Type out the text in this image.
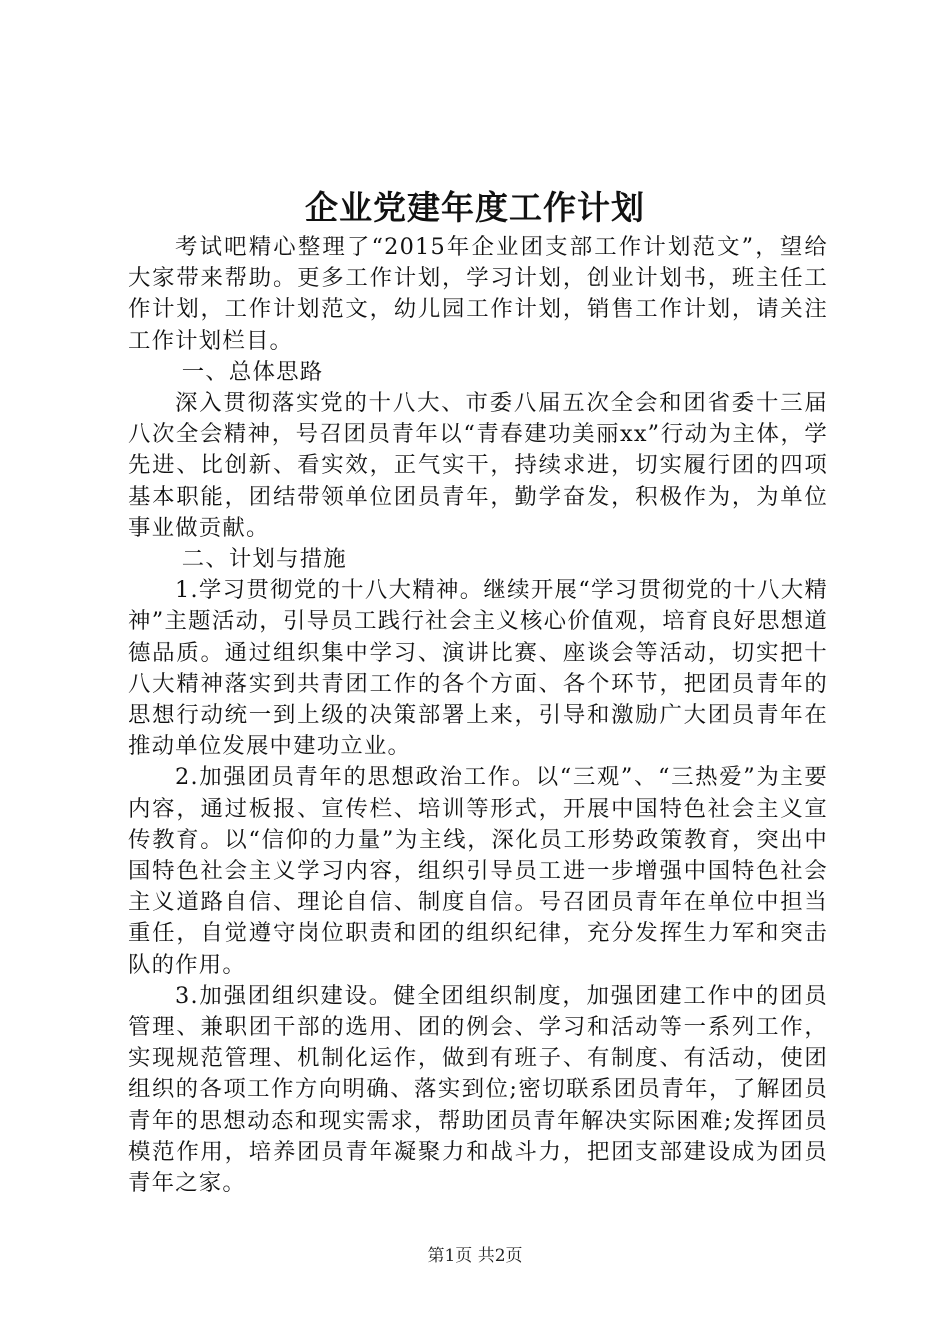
企业党建年度工作计划

考试吧精心整理了“2015年企业团支部工作计划范文”，望给大家带来帮助。更多工作计划，学习计划，创业计划书，班主任工作计划，工作计划范文，幼儿园工作计划，销售工作计划，请关注工作计划栏目。

一、总体思路

深入贯彻落实党的十八大、市委八届五次全会和团省委十三届八次全会精神，号召团员青年以“青春建功美丽xx”行动为主体，学先进、比创新、看实效，正气实干，持续求进，切实履行团的四项基本职能，团结带领单位团员青年，勤学奋发，积极作为，为单位事业做贡献。

二、计划与措施

1.学习贯彻党的十八大精神。继续开展“学习贯彻党的十八大精神”主题活动，引导员工践行社会主义核心价值观，培育良好思想道德品质。通过组织集中学习、演讲比赛、座谈会等活动，切实把十八大精神落实到共青团工作的各个方面、各个环节，把团员青年的思想行动统一到上级的决策部署上来，引导和激励广大团员青年在推动单位发展中建功立业。

2.加强团员青年的思想政治工作。以“三观”、“三热爱”为主要内容，通过板报、宣传栏、培训等形式，开展中国特色社会主义宣传教育。以“信仰的力量”为主线，深化员工形势政策教育，突出中国特色社会主义学习内容，组织引导员工进一步增强中国特色社会主义道路自信、理论自信、制度自信。号召团员青年在单位中担当重任，自觉遵守岗位职责和团的组织纪律，充分发挥生力军和突击队的作用。

3.加强团组织建设。健全团组织制度，加强团建工作中的团员管理、兼职团干部的选用、团的例会、学习和活动等一系列工作，实现规范管理、机制化运作，做到有班子、有制度、有活动，使团组织的各项工作方向明确、落实到位;密切联系团员青年，了解团员青年的思想动态和现实需求，帮助团员青年解决实际困难;发挥团员模范作用，培养团员青年凝聚力和战斗力，把团支部建设成为团员青年之家。

第1页 共2页
